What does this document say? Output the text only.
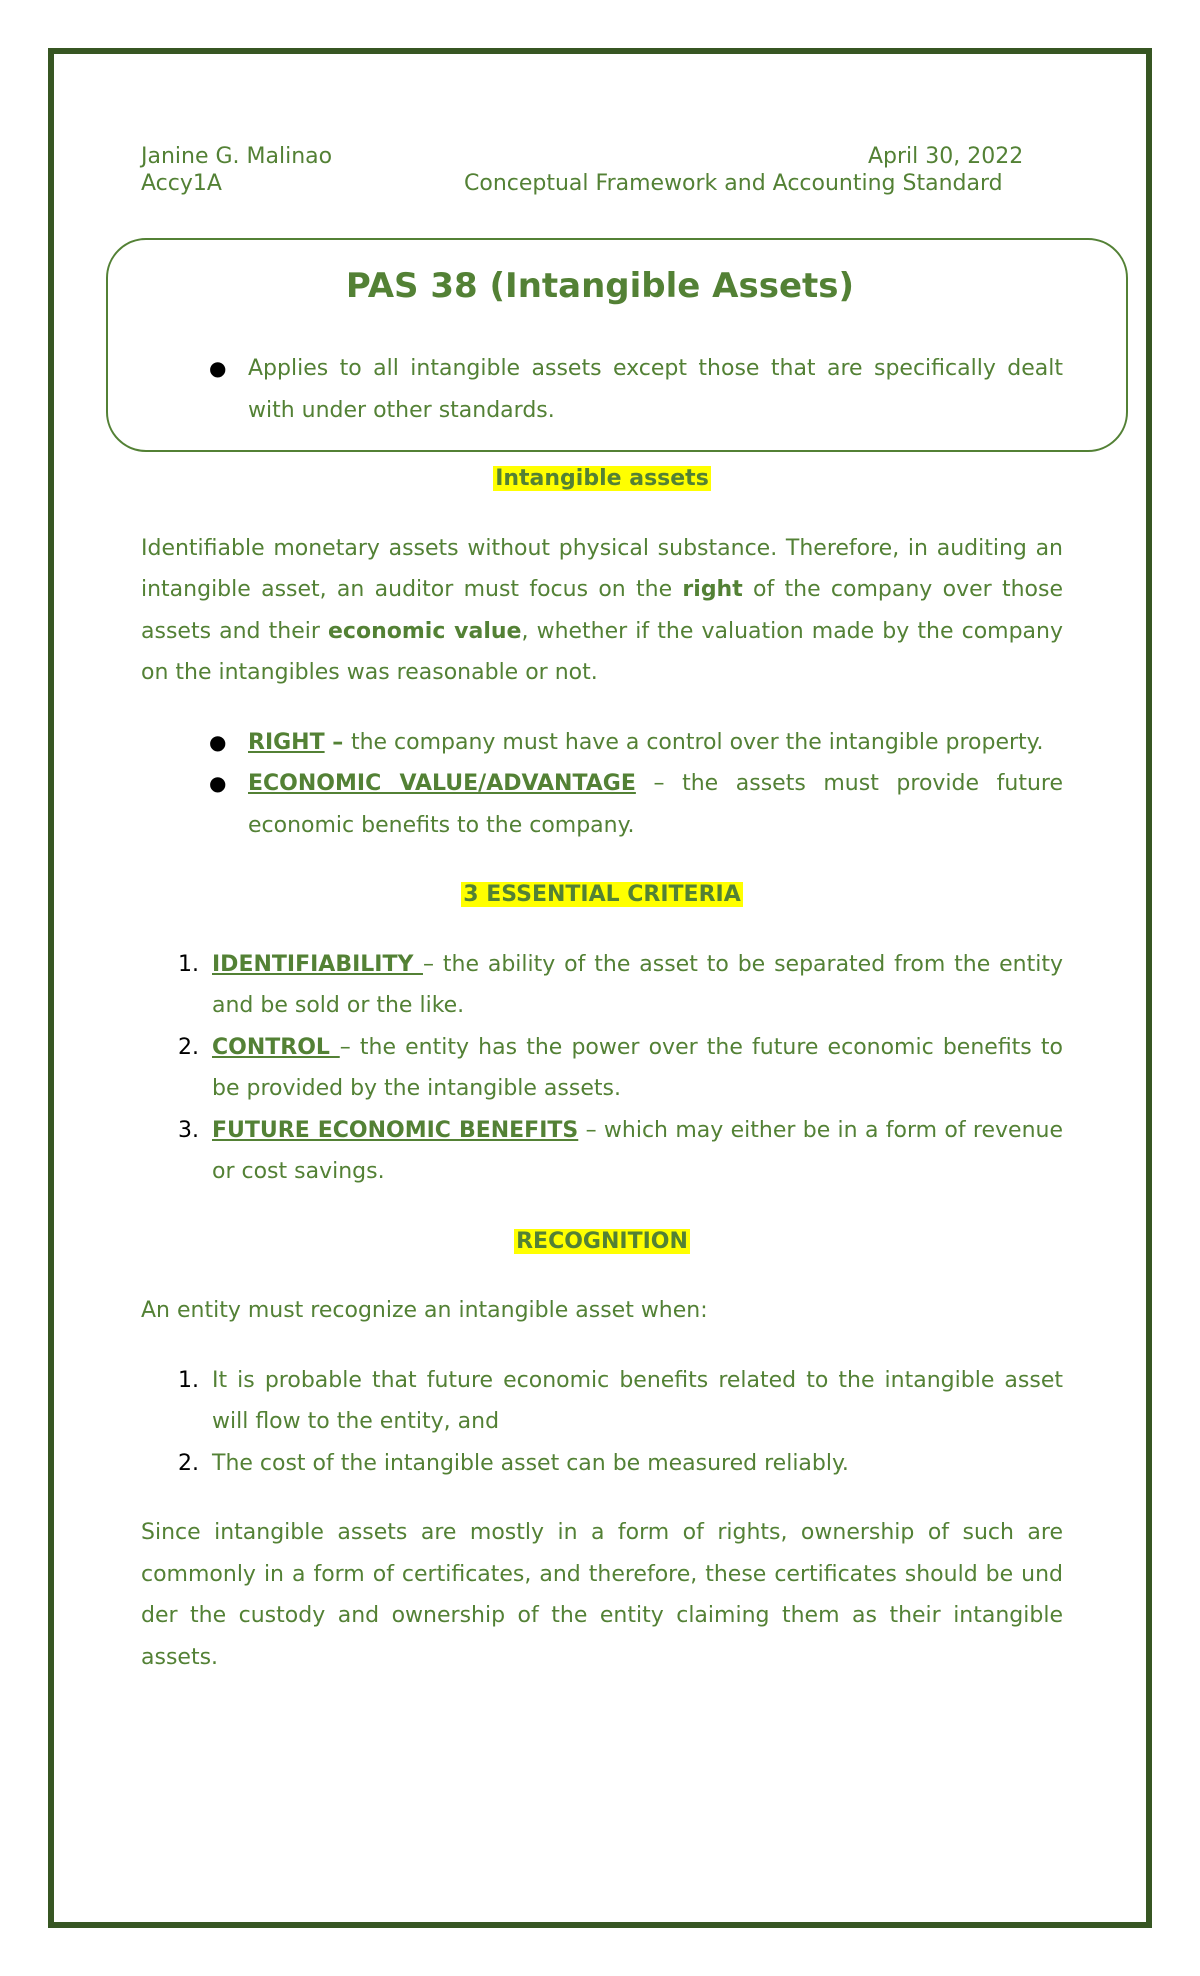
Janine G. Malinao	April 30, 2022
Accy1A	Conceptual Framework and Accounting Standard
PAS 38 (Intangible Assets)
● Applies to all intangible assets except those that are specifically dealt with under other standards.
Intangible assets

Identifiable monetary assets without physical substance. Therefore, in auditing an intangible asset, an auditor must focus on the right of the company over those assets and their economic value, whether if the valuation made by the company on the intangibles was reasonable or not.

● RIGHT – the company must have a control over the intangible property.
● ECONOMIC VALUE/ADVANTAGE – the assets must provide future economic benefits to the company.
3 ESSENTIAL CRITERIA
1. IDENTIFIABILITY – the ability of the asset to be separated from the entity and be sold or the like.
2. CONTROL – the entity has the power over the future economic benefits to be provided by the intangible assets.
3. FUTURE ECONOMIC BENEFITS – which may either be in a form of revenue or cost savings.
RECOGNITION

An entity must recognize an intangible asset when:

1. It is probable that future economic benefits related to the intangible asset will flow to the entity, and
2. The cost of the intangible asset can be measured reliably.

Since intangible assets are mostly in a form of rights, ownership of such are commonly in a form of certificates, and therefore, these certificates should be und der the custody and ownership of the entity claiming them as their intangible assets.
